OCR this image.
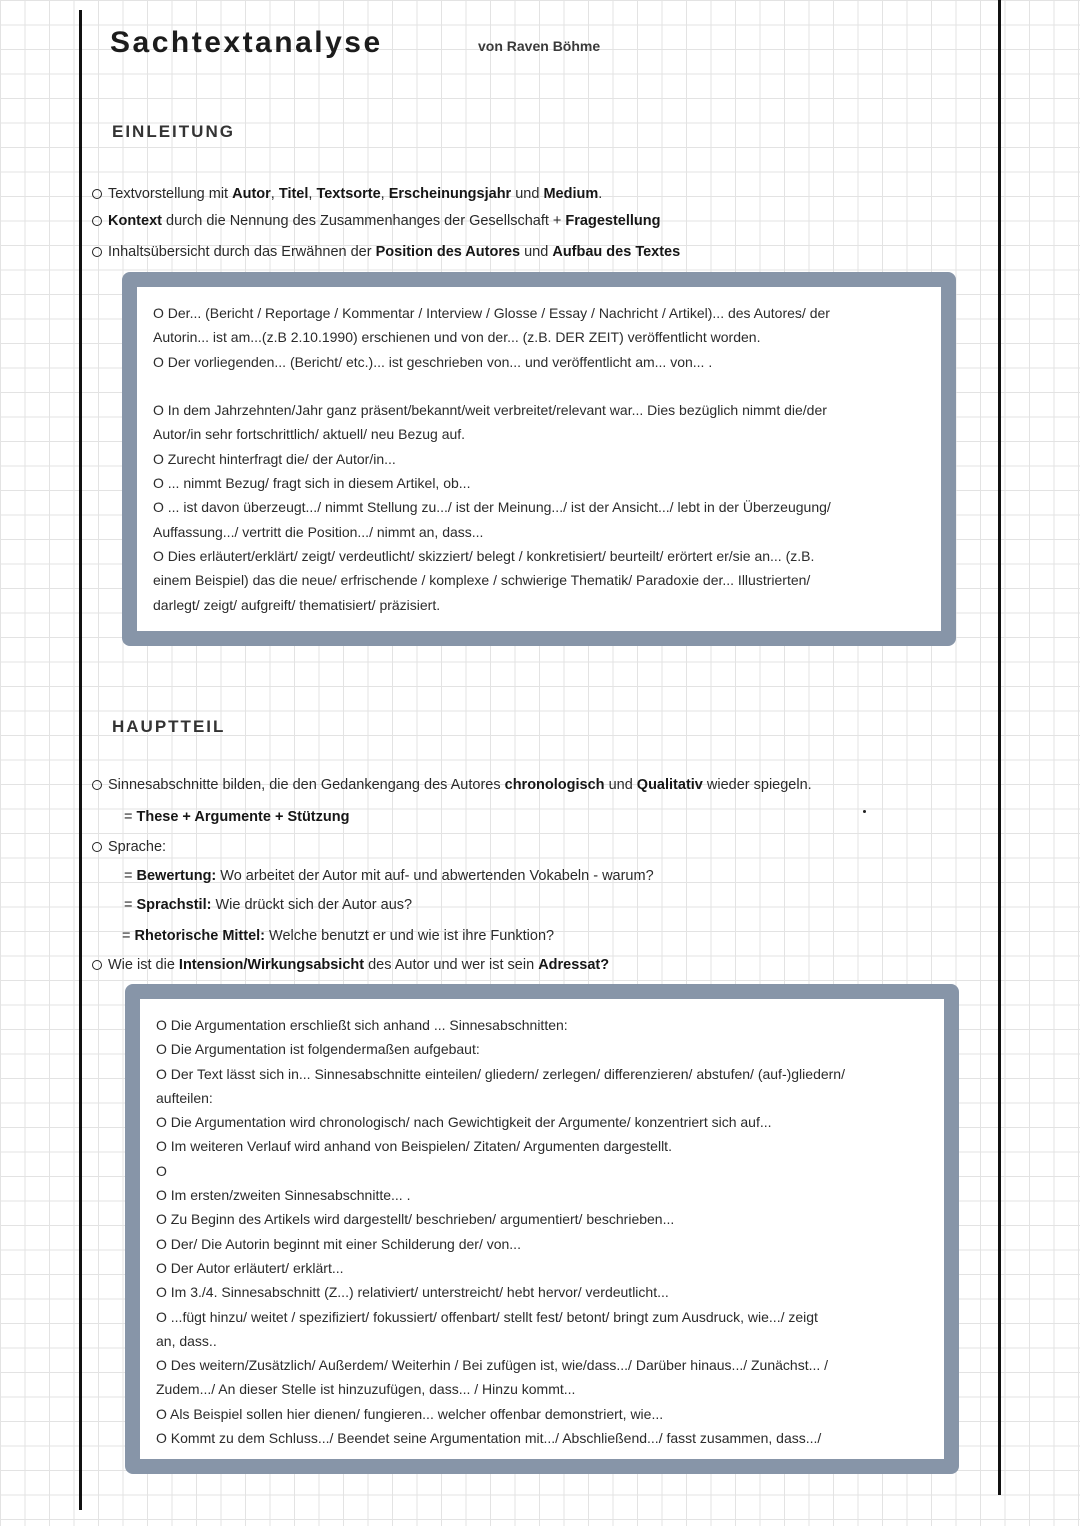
Sachtextanalyse	von Raven Böhme
EINLEITUNG
Textvorstellung mit Autor, Titel, Textsorte, Erscheinungsjahr und Medium.
Kontext durch die Nennung des Zusammenhanges der Gesellschaft + Fragestellung
Inhaltsübersicht durch das Erwähnen der Position des Autores und Aufbau des Textes
O Der... (Bericht / Reportage / Kommentar / Interview / Glosse / Essay / Nachricht / Artikel)... des Autores/ der
Autorin... ist am...(z.B 2.10.1990) erschienen und von der... (z.B. DER ZEIT) veröffentlicht worden.
O Der vorliegenden... (Bericht/ etc.)... ist geschrieben von... und veröffentlicht am... von... .
O In dem Jahrzehnten/Jahr ganz präsent/bekannt/weit verbreitet/relevant war... Dies bezüglich nimmt die/der
Autor/in sehr fortschrittlich/ aktuell/ neu Bezug auf.
O Zurecht hinterfragt die/ der Autor/in...
O ... nimmt Bezug/ fragt sich in diesem Artikel, ob...
O ... ist davon überzeugt.../ nimmt Stellung zu.../ ist der Meinung.../ ist der Ansicht.../ lebt in der Überzeugung/
Auffassung.../ vertritt die Position.../ nimmt an, dass...
O Dies erläutert/erklärt/ zeigt/ verdeutlicht/ skizziert/ belegt / konkretisiert/ beurteilt/ erörtert er/sie an... (z.B.
einem Beispiel) das die neue/ erfrischende / komplexe / schwierige Thematik/ Paradoxie der... Illustrierten/
darlegt/ zeigt/ aufgreift/ thematisiert/ präzisiert.
HAUPTTEIL
Sinnesabschnitte bilden, die den Gedankengang des Autores chronologisch und Qualitativ wieder spiegeln.
= These + Argumente + Stützung
Sprache:
= Bewertung: Wo arbeitet der Autor mit auf- und abwertenden Vokabeln - warum?
= Sprachstil: Wie drückt sich der Autor aus?
= Rhetorische Mittel: Welche benutzt er und wie ist ihre Funktion?
Wie ist die Intension/Wirkungsabsicht des Autor und wer ist sein Adressat?
O Die Argumentation erschließt sich anhand ... Sinnesabschnitten:
O Die Argumentation ist folgendermaßen aufgebaut:
O Der Text lässt sich in... Sinnesabschnitte einteilen/ gliedern/ zerlegen/ differenzieren/ abstufen/ (auf-)gliedern/
aufteilen:
O Die Argumentation wird chronologisch/ nach Gewichtigkeit der Argumente/ konzentriert sich auf...
O Im weiteren Verlauf wird anhand von Beispielen/ Zitaten/ Argumenten dargestellt.
O
O Im ersten/zweiten Sinnesabschnitte... .
O Zu Beginn des Artikels wird dargestellt/ beschrieben/ argumentiert/ beschrieben...
O Der/ Die Autorin beginnt mit einer Schilderung der/ von...
O Der Autor erläutert/ erklärt...
O Im 3./4. Sinnesabschnitt (Z...) relativiert/ unterstreicht/ hebt hervor/ verdeutlicht...
O ...fügt hinzu/ weitet / spezifiziert/ fokussiert/ offenbart/ stellt fest/ betont/ bringt zum Ausdruck, wie.../ zeigt
an, dass..
O Des weitern/Zusätzlich/ Außerdem/ Weiterhin / Bei zufügen ist, wie/dass.../ Darüber hinaus.../ Zunächst... /
Zudem.../ An dieser Stelle ist hinzuzufügen, dass... / Hinzu kommt...
O Als Beispiel sollen hier dienen/ fungieren... welcher offenbar demonstriert, wie...
O Kommt zu dem Schluss.../ Beendet seine Argumentation mit.../ Abschließend.../ fasst zusammen, dass.../
